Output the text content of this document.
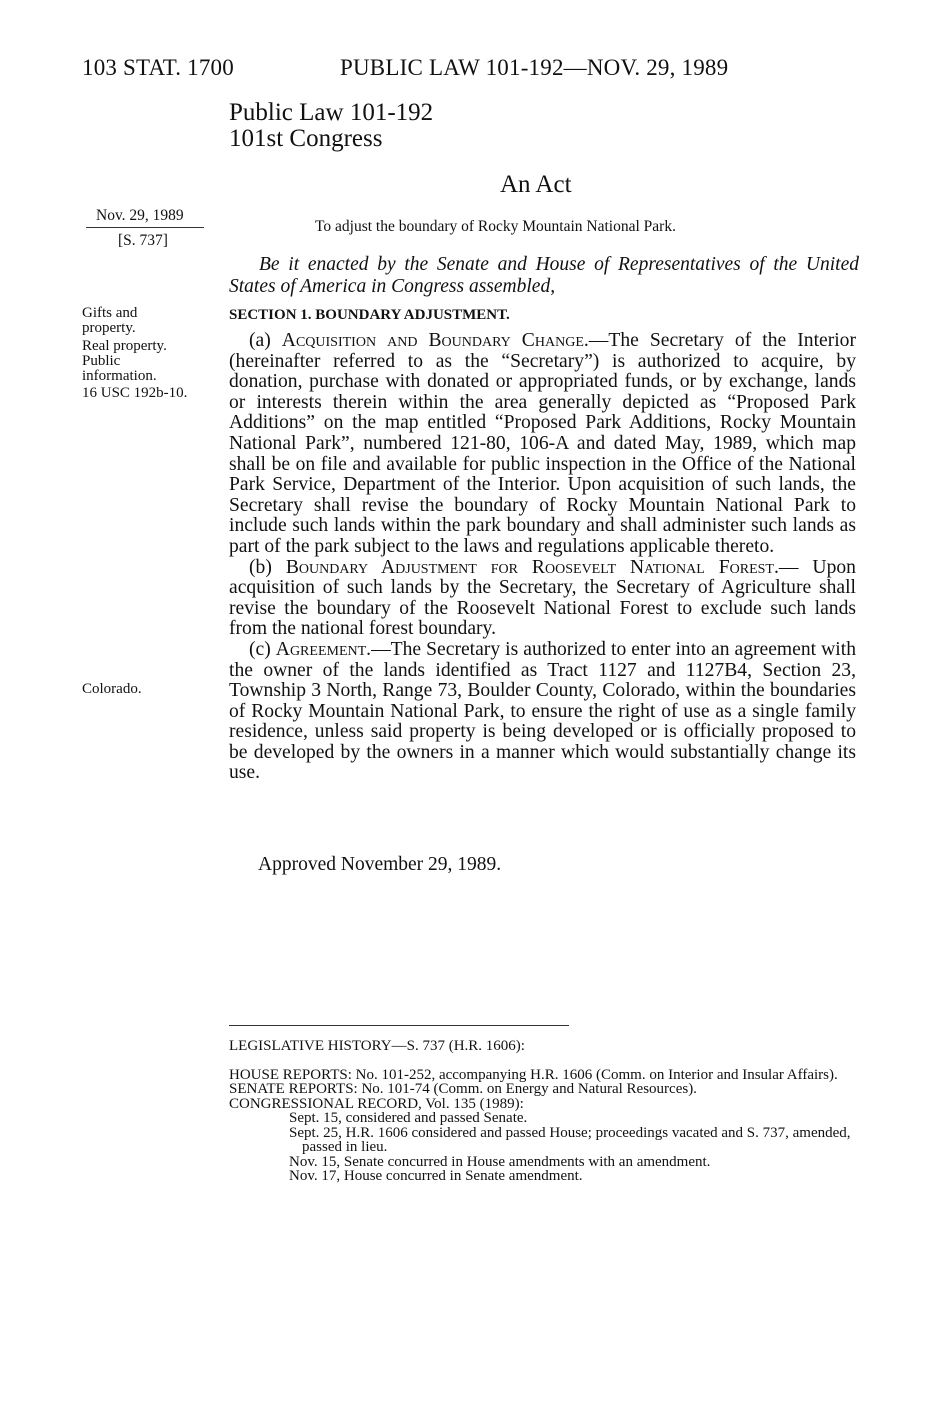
103 STAT. 1700	PUBLIC LAW 101-192—NOV. 29, 1989
Public Law 101-192
101st Congress
An Act
Nov. 29, 1989
[S. 737]
To adjust the boundary of Rocky Mountain National Park.
Be it enacted by the Senate and House of Representatives of the United States of America in Congress assembled,
Gifts and
property.
Real property.
Public
information.
16 USC 192b-10.
SECTION 1. BOUNDARY ADJUSTMENT.

(a) Acquisition and Boundary Change.—The Secretary of the Interior (hereinafter referred to as the “Secretary”) is authorized to acquire, by donation, purchase with donated or appropriated funds, or by exchange, lands or interests therein within the area generally depicted as “Proposed Park Additions” on the map entitled “Proposed Park Additions, Rocky Mountain National Park”, numbered 121-80, 106-A and dated May, 1989, which map shall be on file and available for public inspection in the Office of the National Park Service, Department of the Interior. Upon acquisition of such lands, the Secretary shall revise the boundary of Rocky Mountain National Park to include such lands within the park boundary and shall administer such lands as part of the park subject to the laws and regulations applicable thereto.

(b) Boundary Adjustment for Roosevelt National Forest.— Upon acquisition of such lands by the Secretary, the Secretary of Agriculture shall revise the boundary of the Roosevelt National Forest to exclude such lands from the national forest boundary.

(c) Agreement.—The Secretary is authorized to enter into an agreement with the owner of the lands identified as Tract 1127 and 1127B4, Section 23, Township 3 North, Range 73, Boulder County, Colorado, within the boundaries of Rocky Mountain National Park, to ensure the right of use as a single family residence, unless said property is being developed or is officially proposed to be developed by the owners in a manner which would substantially change its use.

Colorado.
Approved November 29, 1989.
LEGISLATIVE HISTORY—S. 737 (H.R. 1606):
HOUSE REPORTS: No. 101-252, accompanying H.R. 1606 (Comm. on Interior and Insular Affairs).
SENATE REPORTS: No. 101-74 (Comm. on Energy and Natural Resources).
CONGRESSIONAL RECORD, Vol. 135 (1989):
Sept. 15, considered and passed Senate.
Sept. 25, H.R. 1606 considered and passed House; proceedings vacated and S. 737, amended, passed in lieu.
Nov. 15, Senate concurred in House amendments with an amendment.
Nov. 17, House concurred in Senate amendment.
